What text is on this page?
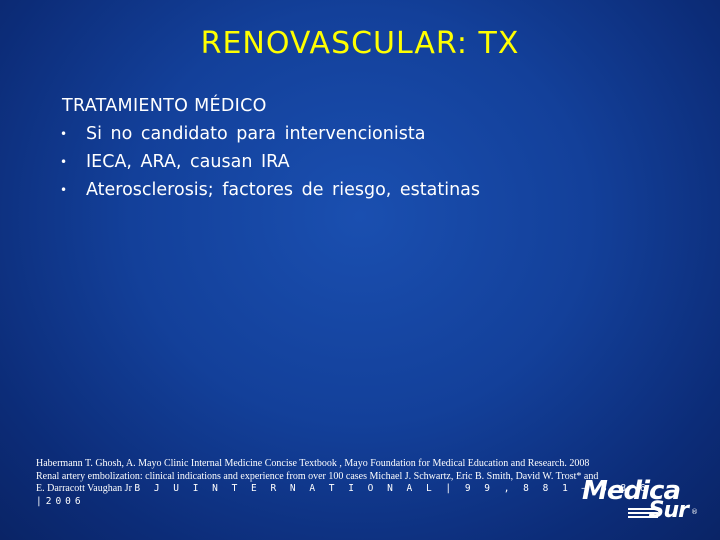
RENOVASCULAR: TX
TRATAMIENTO MÉDICO
• Si no candidato para intervencionista
• IECA, ARA, causan IRA
• Aterosclerosis; factores de riesgo, estatinas
Habermann T. Ghosh, A. Mayo Clinic Internal Medicine Concise Textbook , Mayo Foundation for Medical Education and Research. 2008
Renal artery embolization: clinical indications and experience from over 100 cases Michael J. Schwartz, Eric B. Smith, David W. Trost* and
E. Darracott Vaughan Jr B J U I N T E R N A T I O N A L | 9 9 , 8 8 1 – 8 8 6 |2006	Medica
Sur ®
